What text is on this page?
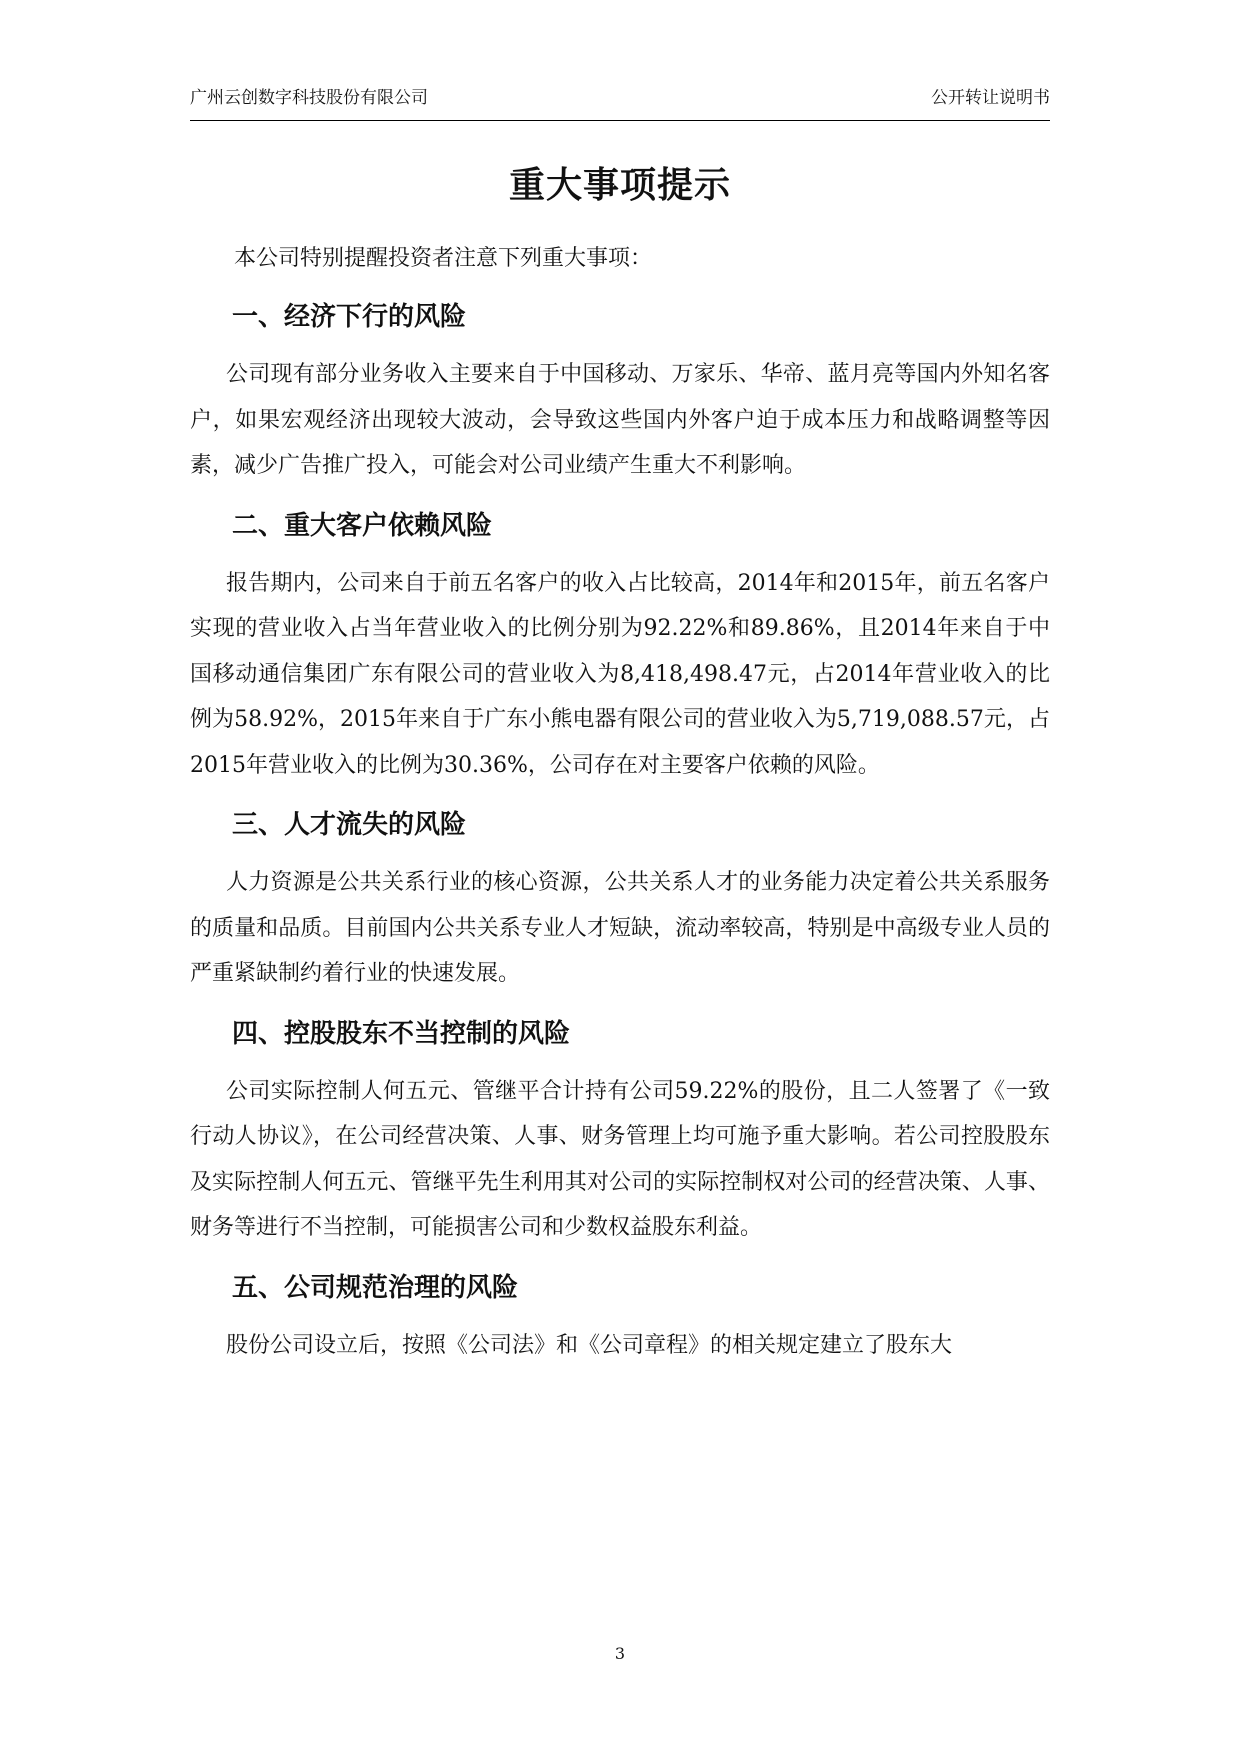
广州云创数字科技股份有限公司	公开转让说明书
重大事项提示

本公司特别提醒投资者注意下列重大事项：

一、经济下行的风险

公司现有部分业务收入主要来自于中国移动、万家乐、华帝、蓝月亮等国内外知名客户，如果宏观经济出现较大波动，会导致这些国内外客户迫于成本压力和战略调整等因素，减少广告推广投入，可能会对公司业绩产生重大不利影响。

二、重大客户依赖风险

报告期内，公司来自于前五名客户的收入占比较高，2014年和2015年，前五名客户实现的营业收入占当年营业收入的比例分别为92.22%和89.86%，且2014年来自于中国移动通信集团广东有限公司的营业收入为8,418,498.47元，占2014年营业收入的比例为58.92%，2015年来自于广东小熊电器有限公司的营业收入为5,719,088.57元，占2015年营业收入的比例为30.36%，公司存在对主要客户依赖的风险。

三、人才流失的风险

人力资源是公共关系行业的核心资源，公共关系人才的业务能力决定着公共关系服务的质量和品质。目前国内公共关系专业人才短缺，流动率较高，特别是中高级专业人员的严重紧缺制约着行业的快速发展。

四、控股股东不当控制的风险

公司实际控制人何五元、管继平合计持有公司59.22%的股份，且二人签署了《一致行动人协议》，在公司经营决策、人事、财务管理上均可施予重大影响。若公司控股股东及实际控制人何五元、管继平先生利用其对公司的实际控制权对公司的经营决策、人事、财务等进行不当控制，可能损害公司和少数权益股东利益。

五、公司规范治理的风险

股份公司设立后，按照《公司法》和《公司章程》的相关规定建立了股东大

3
